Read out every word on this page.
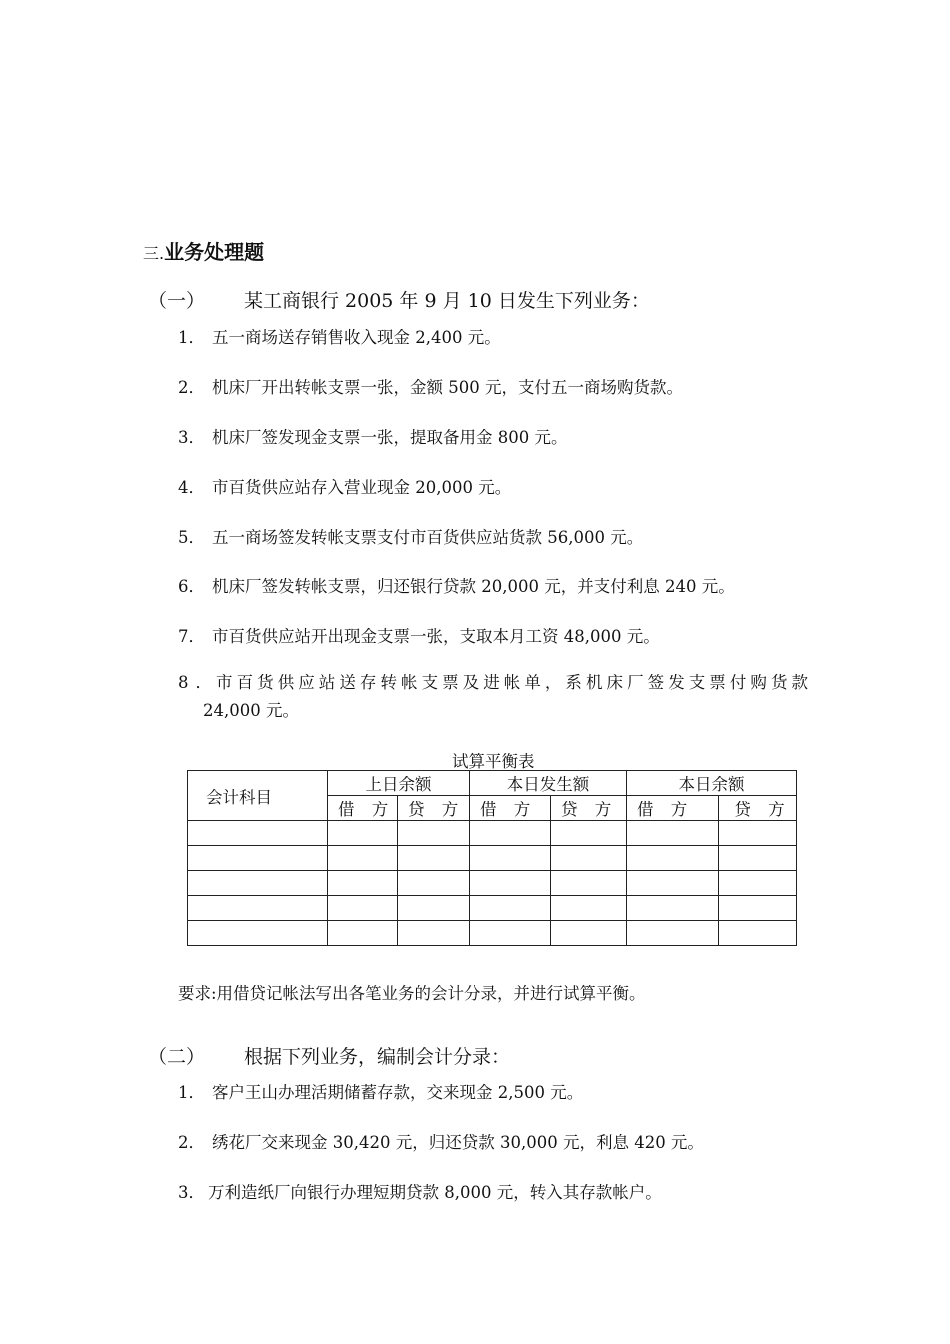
三.业务处理题
（一） 某工商银行 2005 年 9 月 10 日发生下列业务：
1． 五一商场送存销售收入现金 2,400 元。
2． 机床厂开出转帐支票一张，金额 500 元，支付五一商场购货款。
3． 机床厂签发现金支票一张，提取备用金 800 元。
4． 市百货供应站存入营业现金 20,000 元。
5． 五一商场签发转帐支票支付市百货供应站货款 56,000 元。
6． 机床厂签发转帐支票，归还银行贷款 20,000 元，并支付利息 240 元。
7． 市百货供应站开出现金支票一张，支取本月工资 48,000 元。
8．市百货供应站送存转帐支票及进帐单，系机床厂签发支票付购货款
24,000 元。
试算平衡表
会计科目	上日余额		本日发生额		本日余额	
	借 方	贷 方	借 方	贷 方	借 方	贷 方

要求:用借贷记帐法写出各笔业务的会计分录，并进行试算平衡。
（二） 根据下列业务，编制会计分录：
1． 客户王山办理活期储蓄存款，交来现金 2,500 元。
2． 绣花厂交来现金 30,420 元，归还贷款 30,000 元，利息 420 元。
3． 万利造纸厂向银行办理短期贷款 8,000 元，转入其存款帐户。
